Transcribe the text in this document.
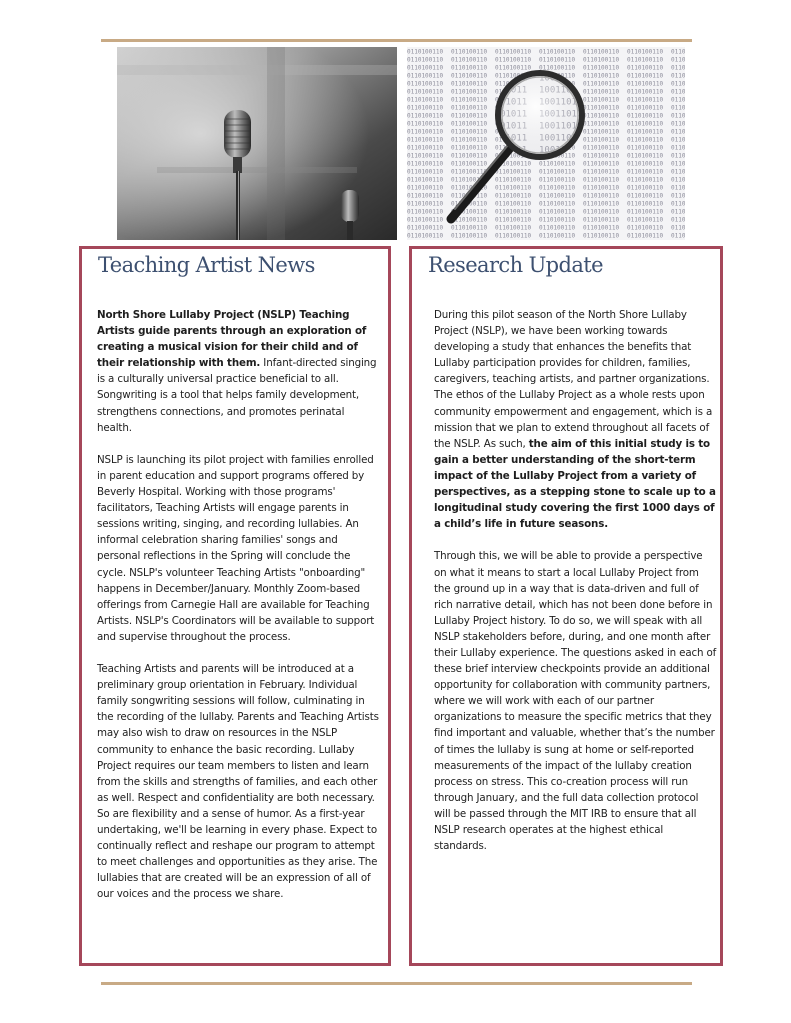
Teaching Artist News

North Shore Lullaby Project (NSLP) Teaching Artists guide parents through an exploration of creating a musical vision for their child and of their relationship with them. Infant-directed singing is a culturally universal practice beneficial to all. Songwriting is a tool that helps family development, strengthens connections, and promotes perinatal health.

NSLP is launching its pilot project with families enrolled in parent education and support programs offered by Beverly Hospital. Working with those programs' facilitators, Teaching Artists will engage parents in sessions writing, singing, and recording lullabies. An informal celebration sharing families' songs and personal reflections in the Spring will conclude the cycle. NSLP's volunteer Teaching Artists "onboarding" happens in December/January. Monthly Zoom-based offerings from Carnegie Hall are available for Teaching Artists. NSLP's Coordinators will be available to support and supervise throughout the process.

Teaching Artists and parents will be introduced at a preliminary group orientation in February. Individual family songwriting sessions will follow, culminating in the recording of the lullaby. Parents and Teaching Artists may also wish to draw on resources in the NSLP community to enhance the basic recording. Lullaby Project requires our team members to listen and learn from the skills and strengths of families, and each other as well. Respect and confidentiality are both necessary. So are flexibility and a sense of humor. As a first-year undertaking, we'll be learning in every phase. Expect to continually reflect and reshape our program to attempt to meet challenges and opportunities as they arise. The lullabies that are created will be an expression of all of our voices and the process we share.

Research Update

During this pilot season of the North Shore Lullaby Project (NSLP), we have been working towards developing a study that enhances the benefits that Lullaby participation provides for children, families, caregivers, teaching artists, and partner organizations. The ethos of the Lullaby Project as a whole rests upon community empowerment and engagement, which is a mission that we plan to extend throughout all facets of the NSLP. As such, the aim of this initial study is to gain a better understanding of the short-term impact of the Lullaby Project from a variety of perspectives, as a stepping stone to scale up to a longitudinal study covering the first 1000 days of a child’s life in future seasons.

Through this, we will be able to provide a perspective on what it means to start a local Lullaby Project from the ground up in a way that is data-driven and full of rich narrative detail, which has not been done before in Lullaby Project history. To do so, we will speak with all NSLP stakeholders before, during, and one month after their Lullaby experience. The questions asked in each of these brief interview checkpoints provide an additional opportunity for collaboration with community partners, where we will work with each of our partner organizations to measure the specific metrics that they find important and valuable, whether that’s the number of times the lullaby is sung at home or self-reported measurements of the impact of the lullaby creation process on stress. This co-creation process will run through January, and the full data collection protocol will be passed through the MIT IRB to ensure that all NSLP research operates at the highest ethical standards.
